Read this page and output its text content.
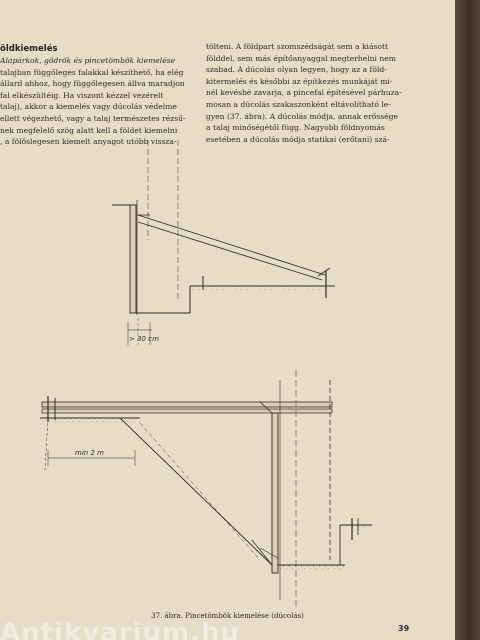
öldkiemelés
Alapárkok, gödrök és pincetömbök kiemelése
talajban függőleges falakkal készíthető, ha elég
állard ahhoz, hogy függőlegesen állva maradjon
fal elkészültéig. Ha viszont kézzel vezérelt
talaj), akkor a kiemelés vagy dúcolás védelme
ellett végezhető, vagy a talaj természetes rézsű-
nek megfelelő szög alatt kell a földet kiemelni
, a fölöslegesen kiemelt anyagot utóbb vissza-
tölteni. A földpart szomszédságát sem a kiásott
földdel, sem más építőanyaggal megterhelni nem
szabad. A dúcolás olyan legyen, hogy az a föld-
kitermelés és későbbi az építkezés munkáját mi-
nél kevésbé zavarja, a pincefal építésével párhuza-
mosan a dúcolás szakaszonként eltávolítható le-
gyen (37. ábra). A dúcolás módja, annak erőssége
a talaj minőségétől függ. Nagyobb földnyomás
esetében a dúcolás módja statikai (erőtani) szá-
> 30 cm
min 2 m
37. ábra. Pincetömbök kiemelése (dúcolás)
39
Antikvarium.hu
